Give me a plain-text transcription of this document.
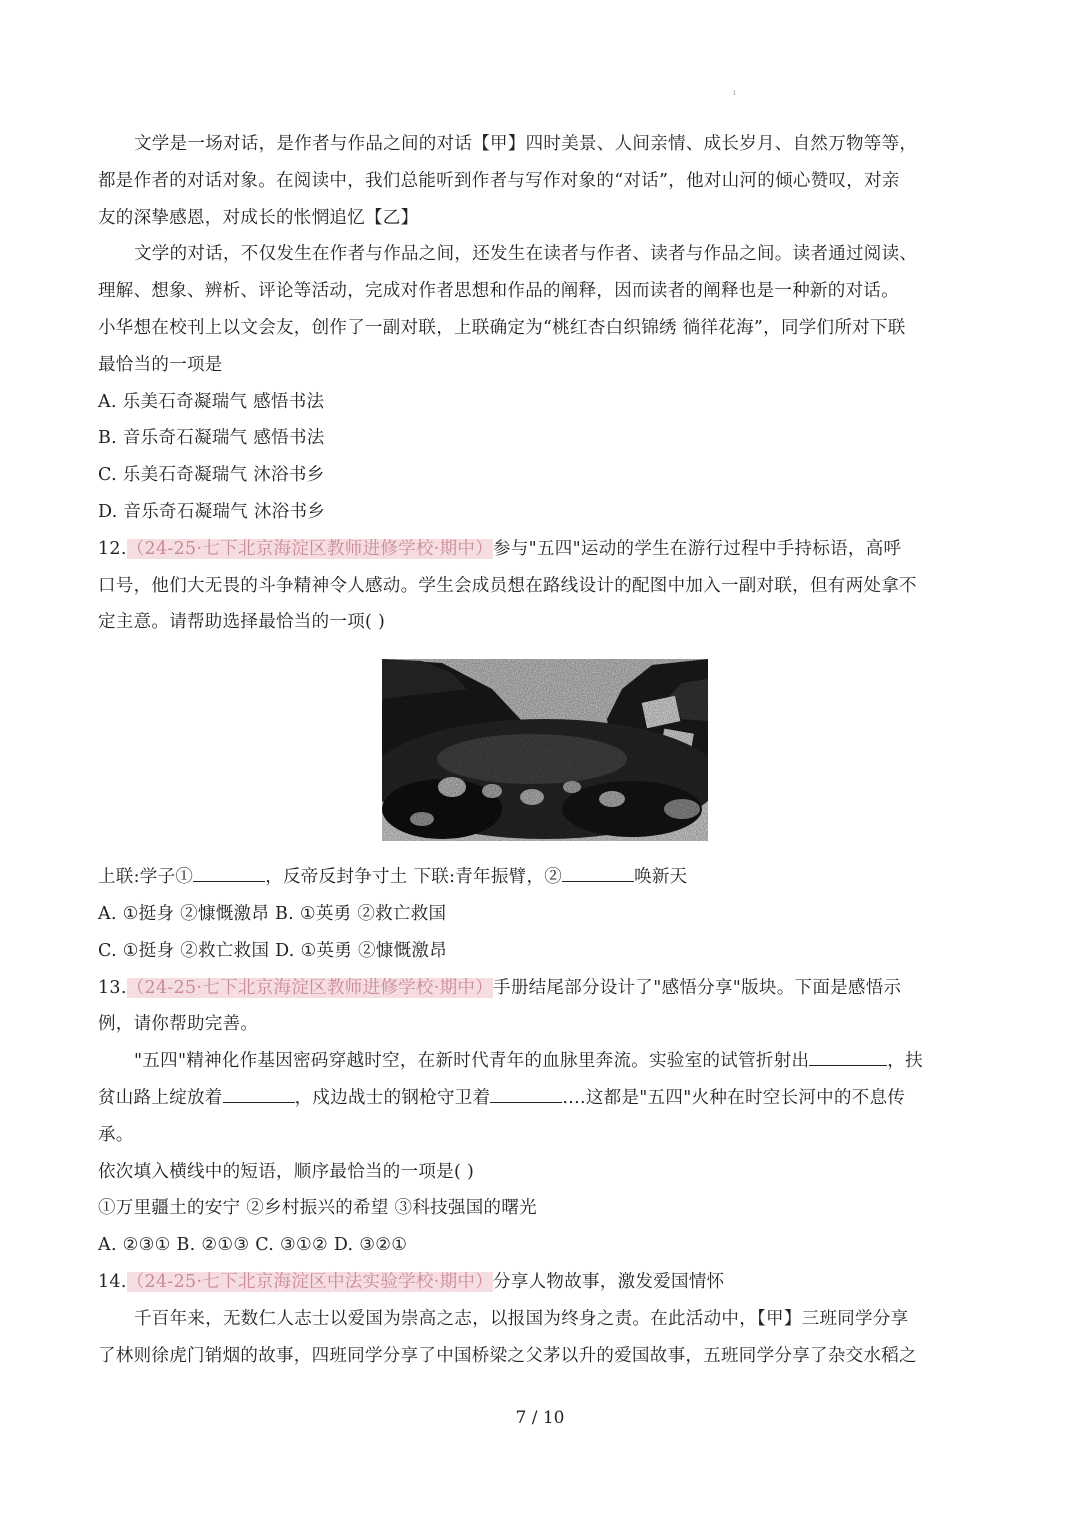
ı
文学是一场对话，是作者与作品之间的对话【甲】四时美景、人间亲情、成长岁月、自然万物等等，
都是作者的对话对象。在阅读中，我们总能听到作者与写作对象的“对话”，他对山河的倾心赞叹，对亲
友的深挚感恩，对成长的怅惘追忆【乙】
文学的对话，不仅发生在作者与作品之间，还发生在读者与作者、读者与作品之间。读者通过阅读、
理解、想象、辨析、评论等活动，完成对作者思想和作品的阐释，因而读者的阐释也是一种新的对话。
小华想在校刊上以文会友，创作了一副对联，上联确定为“桃红杏白织锦绣 徜徉花海”，同学们所对下联
最恰当的一项是
A. 乐美石奇凝瑞气 感悟书法
B. 音乐奇石凝瑞气 感悟书法
C. 乐美石奇凝瑞气 沐浴书乡
D. 音乐奇石凝瑞气 沐浴书乡
12.（24-25·七下北京海淀区教师进修学校·期中）参与"五四"运动的学生在游行过程中手持标语，高呼
口号，他们大无畏的斗争精神令人感动。学生会成员想在路线设计的配图中加入一副对联，但有两处拿不
定主意。请帮助选择最恰当的一项( )
上联:学子①	，反帝反封争寸土 下联:青年振臂，②	唤新天
A. ①挺身 ②慷慨激昂 B. ①英勇 ②救亡救国
C. ①挺身 ②救亡救国 D. ①英勇 ②慷慨激昂
13.（24-25·七下北京海淀区教师进修学校·期中）手册结尾部分设计了"感悟分享"版块。下面是感悟示
例，请你帮助完善。
"五四"精神化作基因密码穿越时空，在新时代青年的血脉里奔流。实验室的试管折射出	，扶
贫山路上绽放着	，戍边战士的钢枪守卫着	....这都是"五四"火种在时空长河中的不息传
承。
依次填入横线中的短语，顺序最恰当的一项是( )
①万里疆土的安宁 ②乡村振兴的希望 ③科技强国的曙光
A. ②③① B. ②①③ C. ③①② D. ③②①
14.（24-25·七下北京海淀区中法实验学校·期中）分享人物故事，激发爱国情怀
千百年来，无数仁人志士以爱国为崇高之志，以报国为终身之责。在此活动中，【甲】三班同学分享
了林则徐虎门销烟的故事，四班同学分享了中国桥梁之父茅以升的爱国故事，五班同学分享了杂交水稻之
7 / 10
